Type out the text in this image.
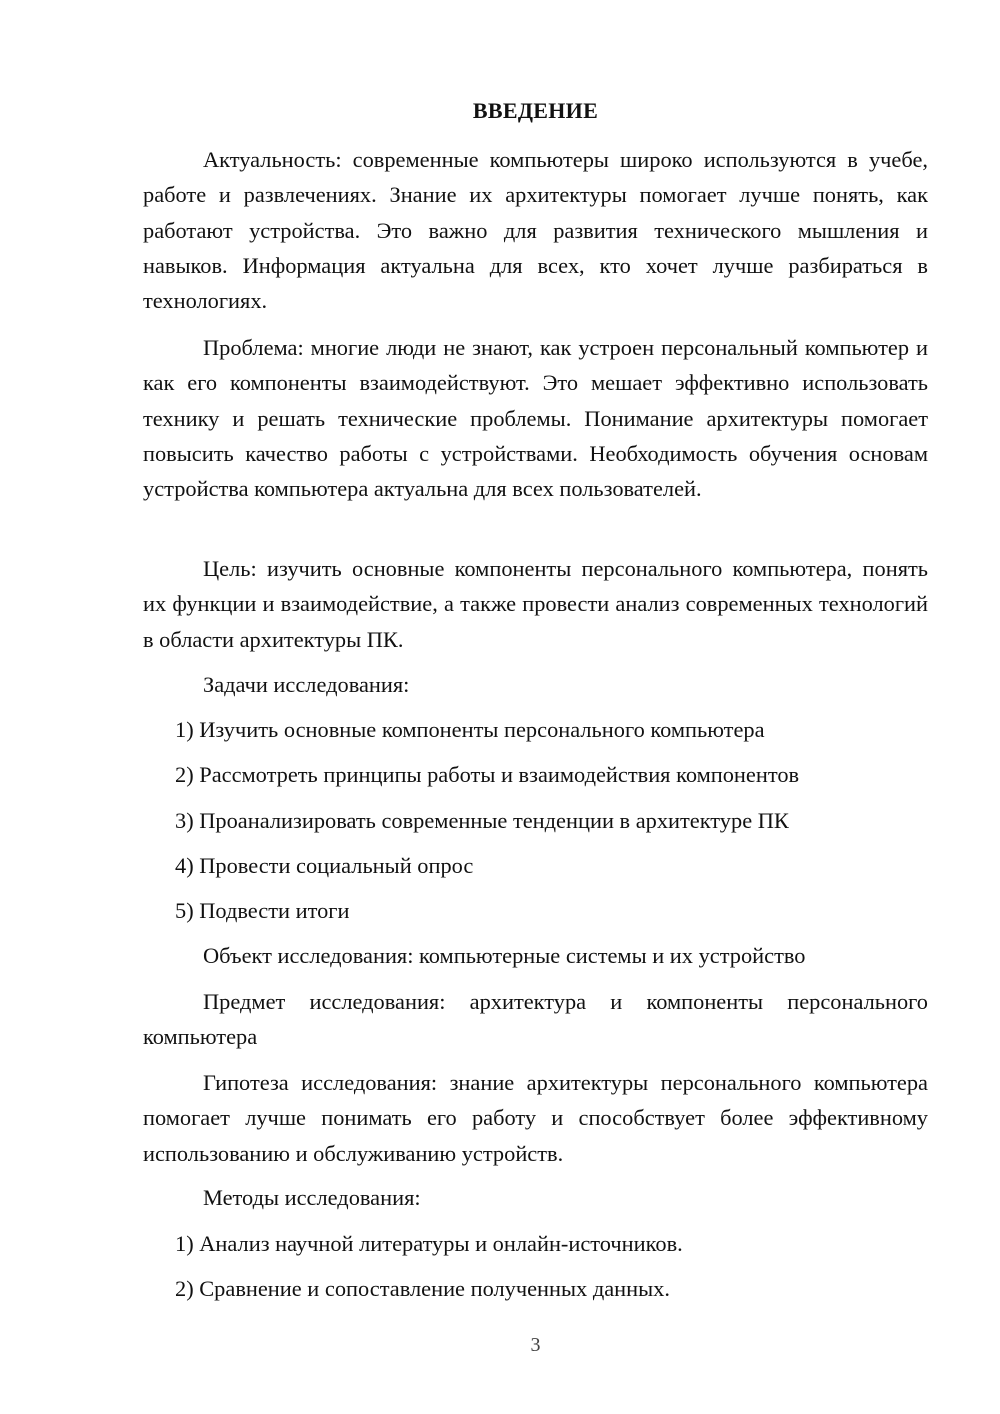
ВВЕДЕНИЕ

Актуальность: современные компьютеры широко используются в учебе, работе и развлечениях. Знание их архитектуры помогает лучше понять, как работают устройства. Это важно для развития технического мышления и навыков. Информация актуальна для всех, кто хочет лучше разбираться в технологиях.

Проблема: многие люди не знают, как устроен персональный компьютер и как его компоненты взаимодействуют. Это мешает эффективно использовать технику и решать технические проблемы. Понимание архитектуры помогает повысить качество работы с устройствами. Необходимость обучения основам устройства компьютера актуальна для всех пользователей.

Цель: изучить основные компоненты персонального компьютера, понять их функции и взаимодействие, а также провести анализ современных технологий в области архитектуры ПК.

Задачи исследования:

1) Изучить основные компоненты персонального компьютера

2) Рассмотреть принципы работы и взаимодействия компонентов

3) Проанализировать современные тенденции в архитектуре ПК

4) Провести социальный опрос

5) Подвести итоги

Объект исследования: компьютерные системы и их устройство

Предмет исследования: архитектура и компоненты персонального компьютера

Гипотеза исследования: знание архитектуры персонального компьютера помогает лучше понимать его работу и способствует более эффективному использованию и обслуживанию устройств.

Методы исследования:

1) Анализ научной литературы и онлайн-источников.

2) Сравнение и сопоставление полученных данных.

3
